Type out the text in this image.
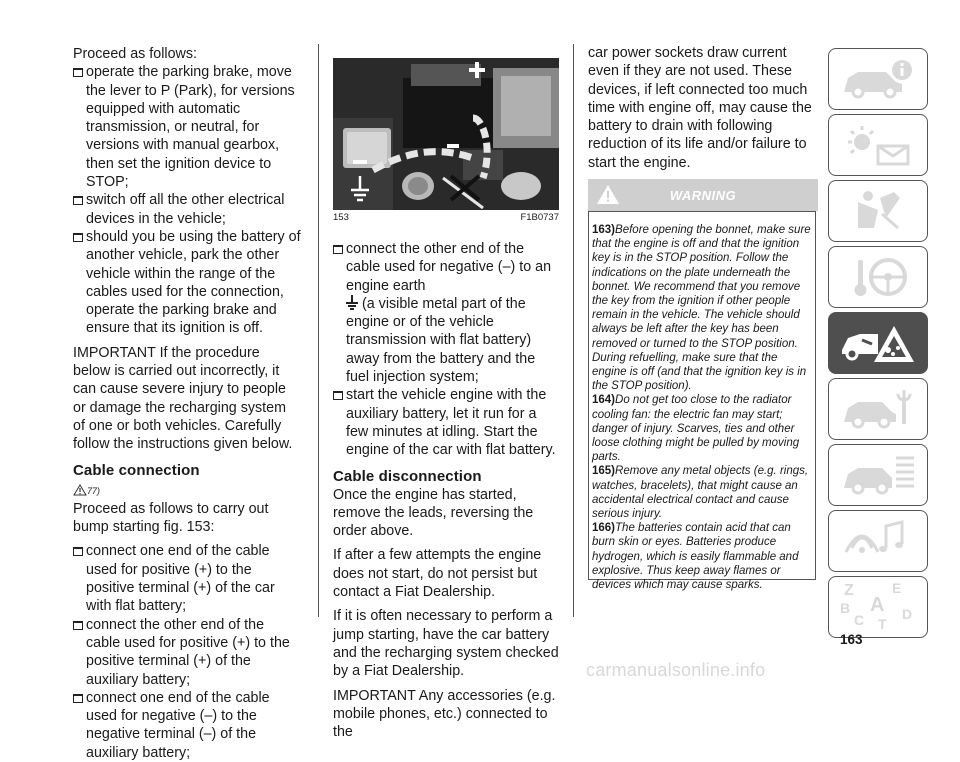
Proceed as follows:

operate the parking brake, move the lever to P (Park), for versions equipped with automatic transmission, or neutral, for versions with manual gearbox, then set the ignition device to STOP;

switch off all the other electrical devices in the vehicle;

should you be using the battery of another vehicle, park the other vehicle within the range of the cables used for the connection, operate the parking brake and ensure that its ignition is off.

IMPORTANT If the procedure below is carried out incorrectly, it can cause severe injury to people or damage the recharging system of one or both vehicles. Carefully follow the instructions given below.

Cable connection

77)

Proceed as follows to carry out bump starting fig. 153:

connect one end of the cable used for positive (+) to the positive terminal (+) of the car with flat battery;

connect the other end of the cable used for positive (+) to the positive terminal (+) of the auxiliary battery;

connect one end of the cable used for negative (–) to the negative terminal (–) of the auxiliary battery;

153	F1B0737

connect the other end of the cable used for negative (–) to an engine earth
(a visible metal part of the engine or of the vehicle transmission with flat battery) away from the battery and the fuel injection system;

start the vehicle engine with the auxiliary battery, let it run for a few minutes at idling. Start the engine of the car with flat battery.

Cable disconnection

Once the engine has started, remove the leads, reversing the order above.

If after a few attempts the engine does not start, do not persist but contact a Fiat Dealership.

If it is often necessary to perform a jump starting, have the car battery and the recharging system checked by a Fiat Dealership.

IMPORTANT Any accessories (e.g. mobile phones, etc.) connected to the

car power sockets draw current even if they are not used. These devices, if left connected too much time with engine off, may cause the battery to drain with following reduction of its life and/or failure to start the engine.

WARNING

163)Before opening the bonnet, make sure that the engine is off and that the ignition key is in the STOP position. Follow the indications on the plate underneath the bonnet. We recommend that you remove the key from the ignition if other people remain in the vehicle. The vehicle should always be left after the key has been removed or turned to the STOP position. During refuelling, make sure that the engine is off (and that the ignition key is in the STOP position).

164)Do not get too close to the radiator cooling fan: the electric fan may start; danger of injury. Scarves, ties and other loose clothing might be pulled by moving parts.

165)Remove any metal objects (e.g. rings, watches, bracelets), that might cause an accidental electrical contact and cause serious injury.

166)The batteries contain acid that can burn skin or eyes. Batteries produce hydrogen, which is easily flammable and explosive. Thus keep away flames or devices which may cause sparks.	Z	E
B A
C	D
T
163
carmanualsonline.info
